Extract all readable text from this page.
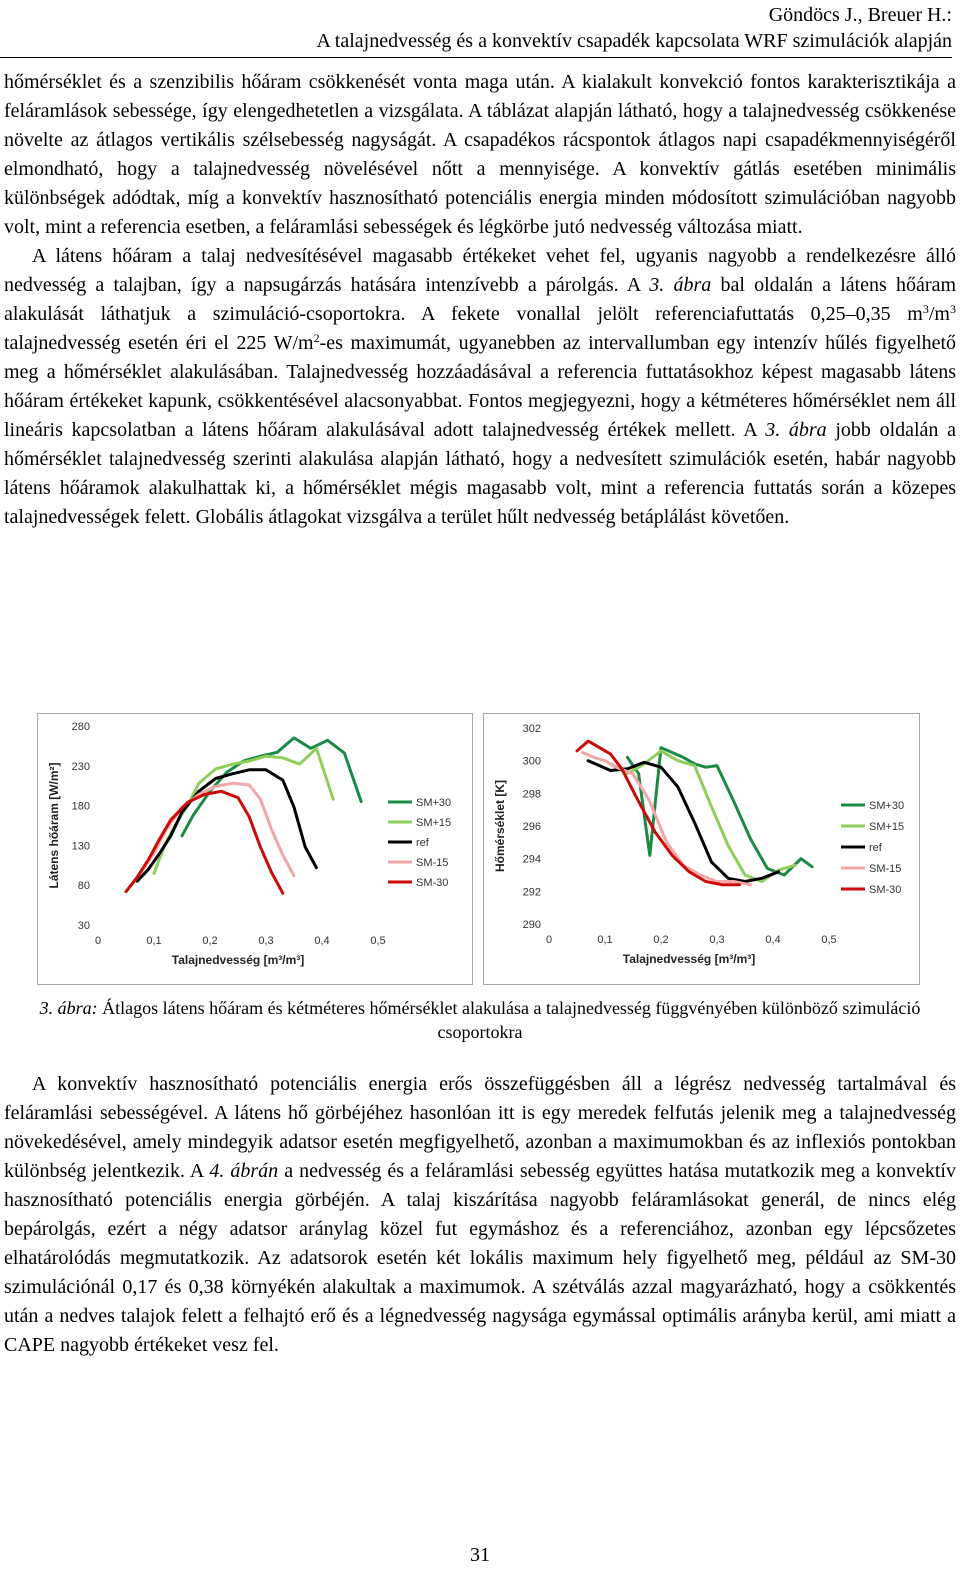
Göndöcs J., Breuer H.:
A talajnedvesség és a konvektív csapadék kapcsolata WRF szimulációk alapján

hőmérséklet és a szenzibilis hőáram csökkenését vonta maga után. A kialakult konvekció fontos karakterisztikája a feláramlások sebessége, így elengedhetetlen a vizsgálata. A táblázat alapján látható, hogy a talajnedvesség csökkenése növelte az átlagos vertikális szélsebesség nagyságát. A csapadékos rácspontok átlagos napi csapadékmennyiségéről elmondható, hogy a talajnedvesség növelésével nőtt a mennyisége. A konvektív gátlás esetében minimális különbségek adódtak, míg a konvektív hasznosítható potenciális energia minden módosított szimulációban nagyobb volt, mint a referencia esetben, a feláramlási sebességek és légkörbe jutó nedvesség változása miatt.

A látens hőáram a talaj nedvesítésével magasabb értékeket vehet fel, ugyanis nagyobb a rendelkezésre álló nedvesség a talajban, így a napsugárzás hatására intenzívebb a párolgás. A 3. ábra bal oldalán a látens hőáram alakulását láthatjuk a szimuláció-csoportokra. A fekete vonallal jelölt referenciafuttatás 0,25–0,35 $m^3/m^3$ talajnedvesség esetén éri el 225 $W/m^2-es$ maximumát, ugyanebben az intervallumban egy intenzív hűlés figyelhető meg a hőmérséklet alakulásában. Talajnedvesség hozzáadásával a referencia futtatásokhoz képest magasabb látens hőáram értékeket kapunk, csökkentésével alacsonyabbat. Fontos megjegyezni, hogy a kétméteres hőmérséklet nem áll lineáris kapcsolatban a látens hőáram alakulásával adott talajnedvesség értékek mellett. A 3. ábra jobb oldalán a hőmérséklet talajnedvesség szerinti alakulása alapján látható, hogy a nedvesített szimulációk esetén, habár nagyobb látens hőáramok alakulhattak ki, a hőmérséklet mégis magasabb volt, mint a referencia futtatás során a közepes talajnedvességek felett. Globális átlagokat vizsgálva a terület hűlt nedvesség betáplálást követően.

30
80
130
180
230
280
0	0,1	0,2	0,3	0,4	0,5
Talajnedvesség [m³/m³]
Látens hőáram [W/m²]	SM+30
SM+15
ref
SM-15
SM-30
290
292
294
296
298
300
302
0	0,1	0,2	0,3	0,4	0,5
Talajnedvesség [m³/m³]
Hőmérséklet [K]	SM+30
SM+15
ref
SM-15
SM-30
3. ábra: Átlagos látens hőáram és kétméteres hőmérséklet alakulása a talajnedvesség függvényében különböző szimuláció csoportokra

A konvektív hasznosítható potenciális energia erős összefüggésben áll a légrész nedvesség tartalmával és feláramlási sebességével. A látens hő görbéjéhez hasonlóan itt is egy meredek felfutás jelenik meg a talajnedvesség növekedésével, amely mindegyik adatsor esetén megfigyelhető, azonban a maximumokban és az inflexiós pontokban különbség jelentkezik. A 4. ábrán a nedvesség és a feláramlási sebesség együttes hatása mutatkozik meg a konvektív hasznosítható potenciális energia görbéjén. A talaj kiszárítása nagyobb feláramlásokat generál, de nincs elég bepárolgás, ezért a négy adatsor aránylag közel fut egymáshoz és a referenciához, azonban egy lépcsőzetes elhatárolódás megmutatkozik. Az adatsorok esetén két lokális maximum hely figyelhető meg, például az SM-30 szimulációnál 0,17 és 0,38 környékén alakultak a maximumok. A szétválás azzal magyarázható, hogy a csökkentés után a nedves talajok felett a felhajtó erő és a légnedvesség nagysága egymással optimális arányba kerül, ami miatt a CAPE nagyobb értékeket vesz fel.

31
